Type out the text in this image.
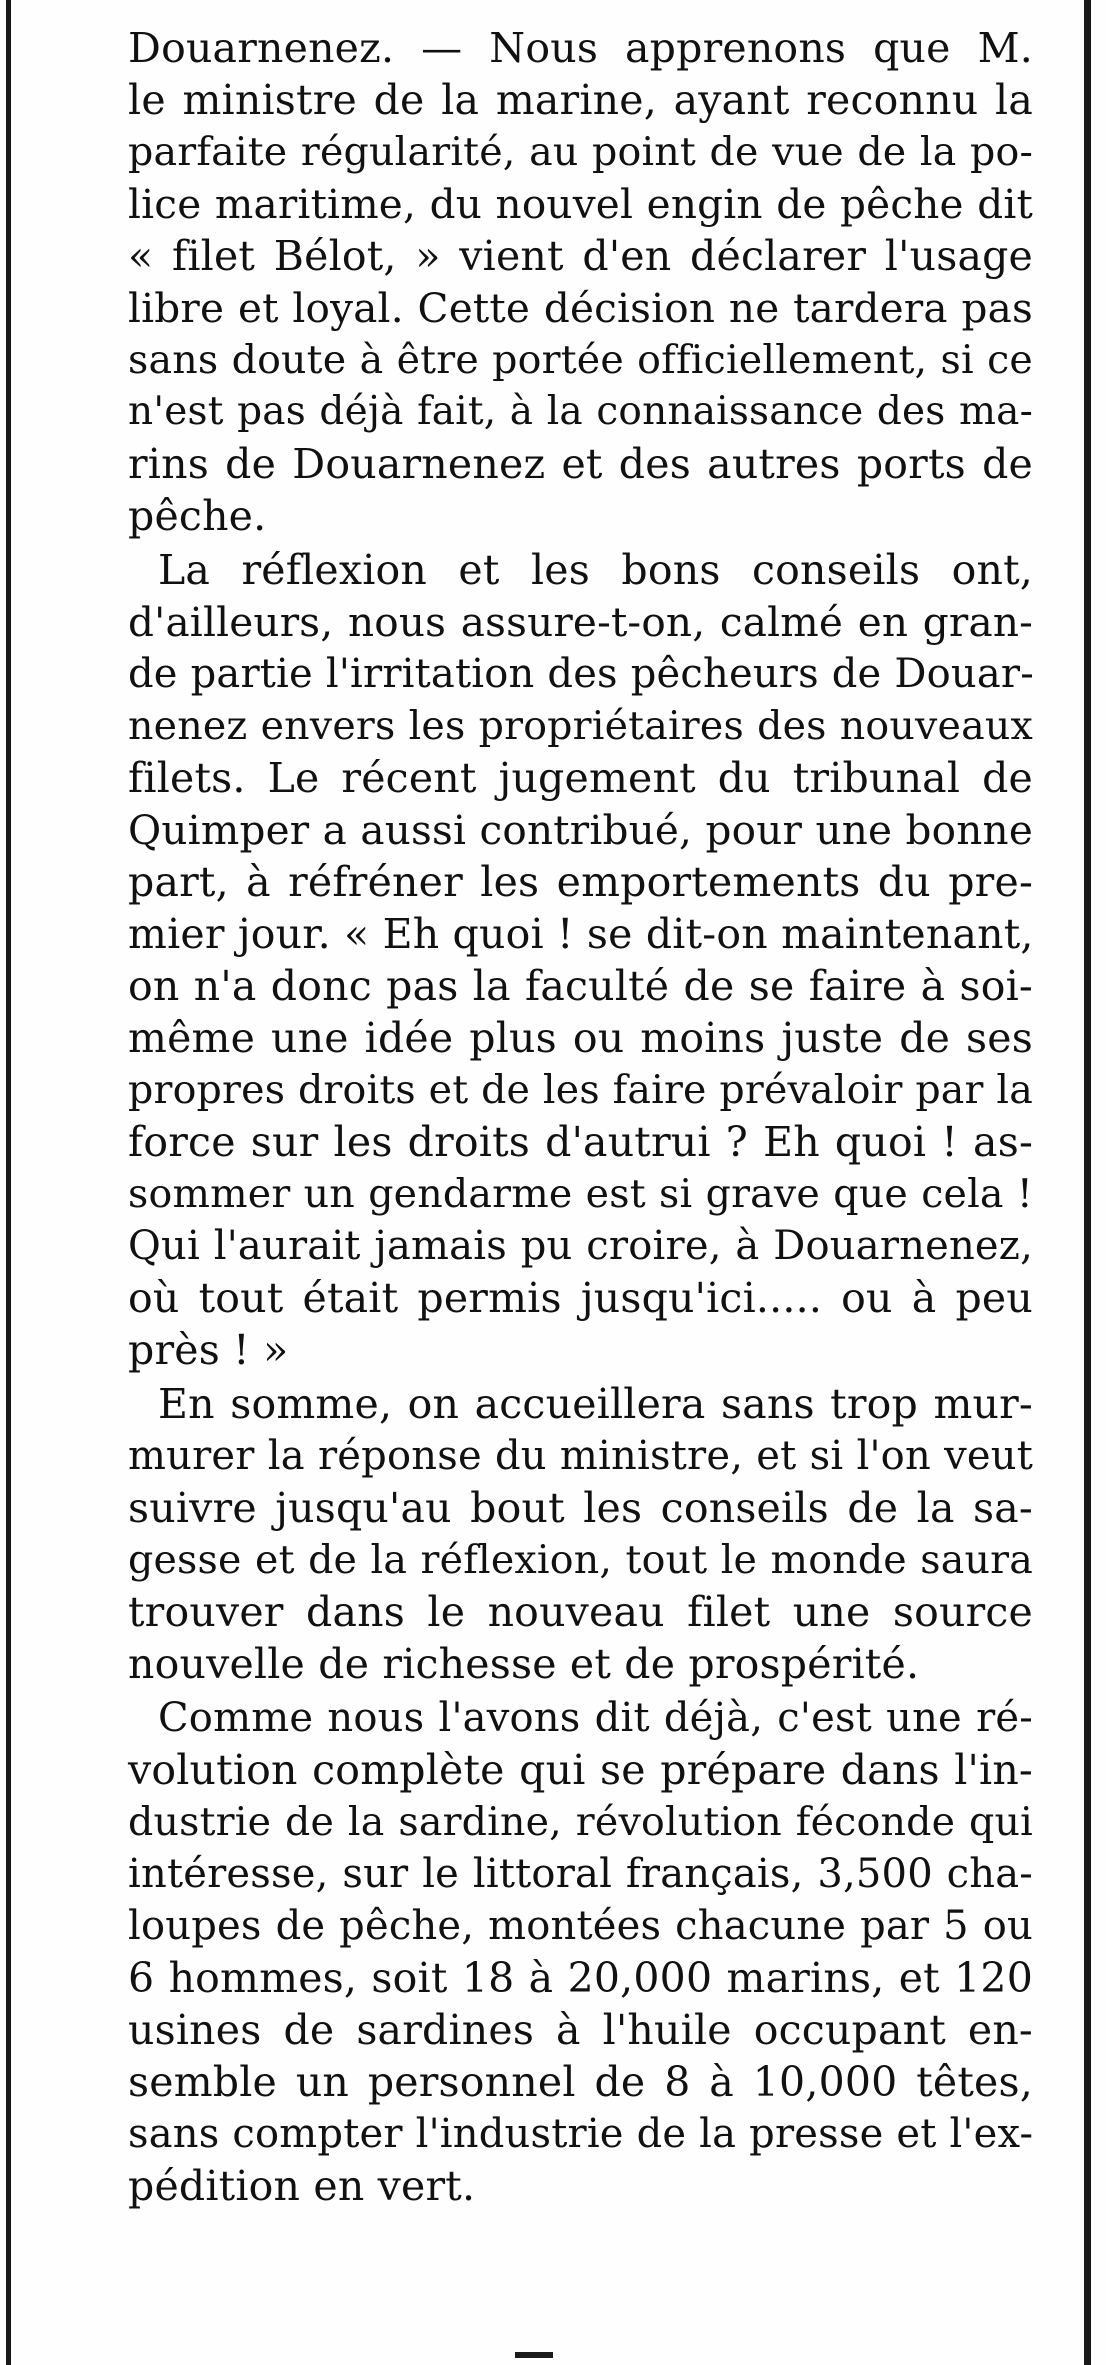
Douarnenez. — Nous apprenons que M.
le ministre de la marine, ayant reconnu la
parfaite régularité, au point de vue de la po-
lice maritime, du nouvel engin de pêche dit
« filet Bélot, » vient d'en déclarer l'usage
libre et loyal. Cette décision ne tardera pas
sans doute à être portée officiellement, si ce
n'est pas déjà fait, à la connaissance des ma-
rins de Douarnenez et des autres ports de
pêche.
La réflexion et les bons conseils ont,
d'ailleurs, nous assure-t-on, calmé en gran-
de partie l'irritation des pêcheurs de Douar-
nenez envers les propriétaires des nouveaux
filets. Le récent jugement du tribunal de
Quimper a aussi contribué, pour une bonne
part, à réfréner les emportements du pre-
mier jour. « Eh quoi ! se dit-on maintenant,
on n'a donc pas la faculté de se faire à soi-
même une idée plus ou moins juste de ses
propres droits et de les faire prévaloir par la
force sur les droits d'autrui ? Eh quoi ! as-
sommer un gendarme est si grave que cela !
Qui l'aurait jamais pu croire, à Douarnenez,
où tout était permis jusqu'ici..... ou à peu
près ! »
En somme, on accueillera sans trop mur-
murer la réponse du ministre, et si l'on veut
suivre jusqu'au bout les conseils de la sa-
gesse et de la réflexion, tout le monde saura
trouver dans le nouveau filet une source
nouvelle de richesse et de prospérité.
Comme nous l'avons dit déjà, c'est une ré-
volution complète qui se prépare dans l'in-
dustrie de la sardine, révolution féconde qui
intéresse, sur le littoral français, 3,500 cha-
loupes de pêche, montées chacune par 5 ou
6 hommes, soit 18 à 20,000 marins, et 120
usines de sardines à l'huile occupant en-
semble un personnel de 8 à 10,000 têtes,
sans compter l'industrie de la presse et l'ex-
pédition en vert.
